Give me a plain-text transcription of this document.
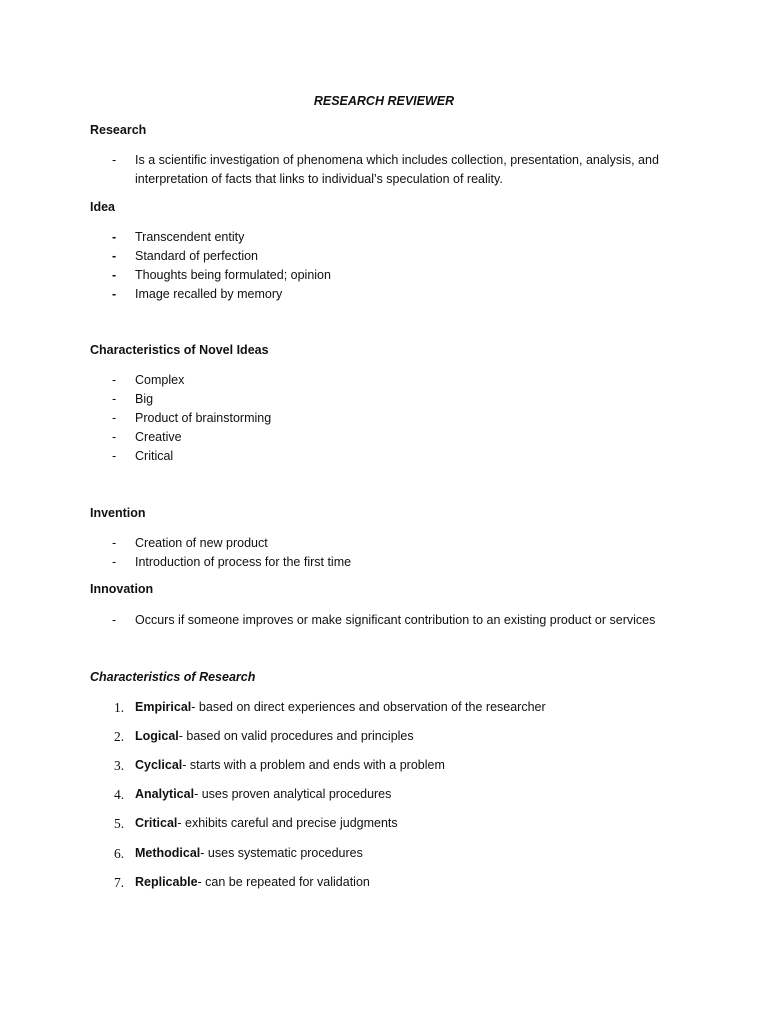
RESEARCH REVIEWER
Research
- Is a scientific investigation of phenomena which includes collection, presentation, analysis, and interpretation of facts that links to individual’s speculation of reality.
Idea
- Transcendent entity
- Standard of perfection
- Thoughts being formulated; opinion
- Image recalled by memory
Characteristics of Novel Ideas
- Complex
- Big
- Product of brainstorming
- Creative
- Critical
Invention
- Creation of new product
- Introduction of process for the first time
Innovation
- Occurs if someone improves or make significant contribution to an existing product or services
Characteristics of Research
1. Empirical- based on direct experiences and observation of the researcher
2. Logical- based on valid procedures and principles
3. Cyclical- starts with a problem and ends with a problem
4. Analytical- uses proven analytical procedures
5. Critical- exhibits careful and precise judgments
6. Methodical- uses systematic procedures
7. Replicable- can be repeated for validation
